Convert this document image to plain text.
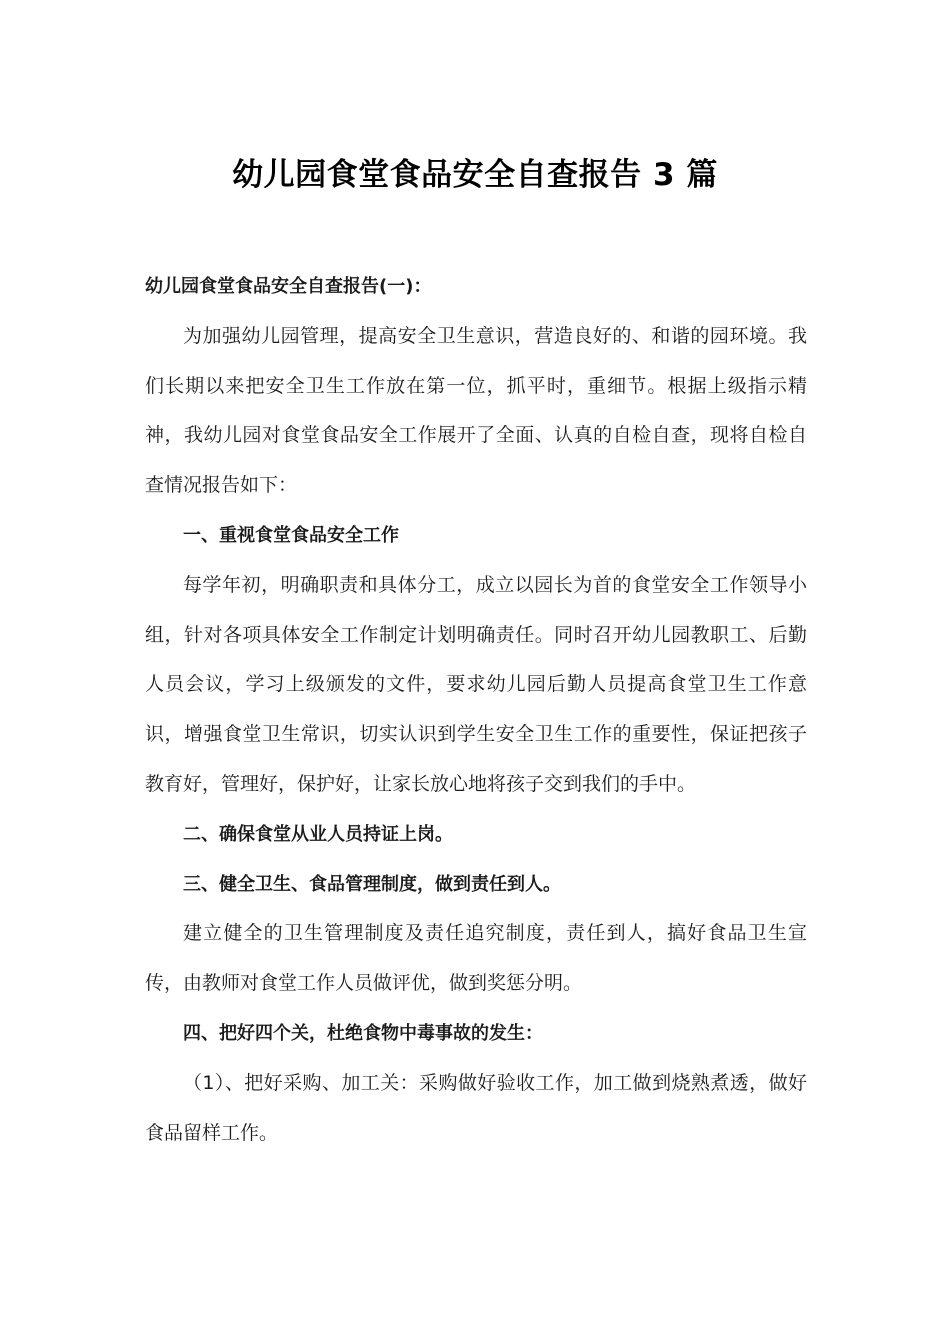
幼儿园食堂食品安全自查报告 3 篇

幼儿园食堂食品安全自查报告(一)：

为加强幼儿园管理，提高安全卫生意识，营造良好的、和谐的园环境。我们长期以来把安全卫生工作放在第一位，抓平时，重细节。根据上级指示精神，我幼儿园对食堂食品安全工作展开了全面、认真的自检自查，现将自检自查情况报告如下：

一、重视食堂食品安全工作

每学年初，明确职责和具体分工，成立以园长为首的食堂安全工作领导小组，针对各项具体安全工作制定计划明确责任。同时召开幼儿园教职工、后勤人员会议，学习上级颁发的文件，要求幼儿园后勤人员提高食堂卫生工作意识，增强食堂卫生常识，切实认识到学生安全卫生工作的重要性，保证把孩子教育好，管理好，保护好，让家长放心地将孩子交到我们的手中。

二、确保食堂从业人员持证上岗。

三、健全卫生、食品管理制度，做到责任到人。

建立健全的卫生管理制度及责任追究制度，责任到人，搞好食品卫生宣传，由教师对食堂工作人员做评优，做到奖惩分明。

四、把好四个关，杜绝食物中毒事故的发生：

（1）、把好采购、加工关：采购做好验收工作，加工做到烧熟煮透，做好食品留样工作。
